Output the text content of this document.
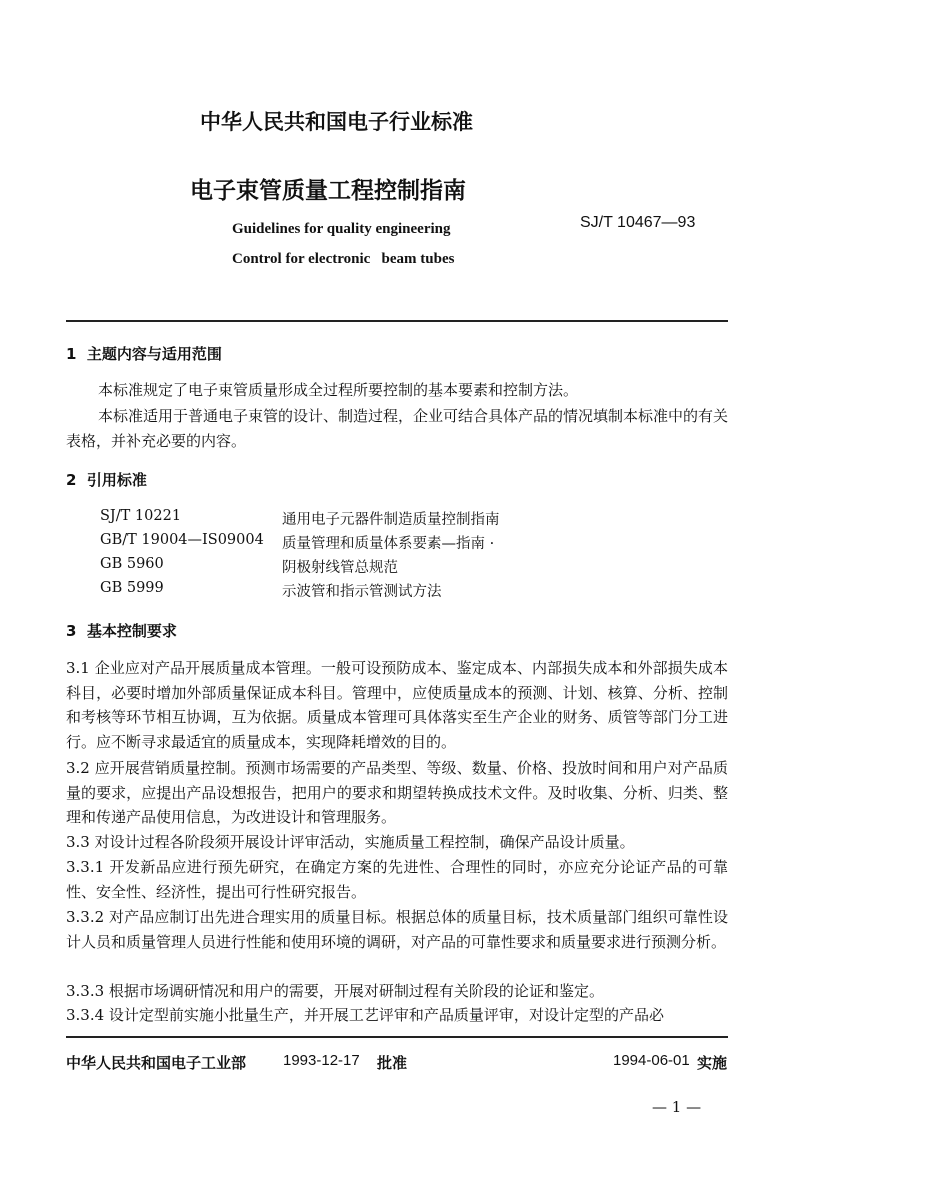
中华人民共和国电子行业标准
电子束管质量工程控制指南
Guidelines for quality engineering
Control for electronic   beam tubes
SJ/T 10467—93
1  主题内容与适用范围
本标准规定了电子束管质量形成全过程所要控制的基本要素和控制方法。
本标准适用于普通电子束管的设计、制造过程，企业可结合具体产品的情况填制本标准中的有关表格，并补充必要的内容。
2  引用标准
SJ/T 10221	通用电子元器件制造质量控制指南
GB/T 19004—IS09004 质量管理和质量体系要素—指南 ·
GB 5960	阴极射线管总规范
GB 5999	示波管和指示管测试方法
3  基本控制要求
3.1 企业应对产品开展质量成本管理。一般可设预防成本、鉴定成本、内部损失成本和外部损失成本科目，必要时增加外部质量保证成本科目。管理中，应使质量成本的预测、计划、核算、分析、控制和考核等环节相互协调，互为依据。质量成本管理可具体落实至生产企业的财务、质管等部门分工进行。应不断寻求最适宜的质量成本，实现降耗增效的目的。
3.2 应开展营销质量控制。预测市场需要的产品类型、等级、数量、价格、投放时间和用户对产品质量的要求，应提出产品设想报告，把用户的要求和期望转换成技术文件。及时收集、分析、归类、整理和传递产品使用信息，为改进设计和管理服务。
3.3 对设计过程各阶段须开展设计评审活动，实施质量工程控制，确保产品设计质量。
3.3.1 开发新品应进行预先研究，在确定方案的先进性、合理性的同时，亦应充分论证产品的可靠性、安全性、经济性，提出可行性研究报告。
3.3.2 对产品应制订出先进合理实用的质量目标。根据总体的质量目标，技术质量部门组织可靠性设计人员和质量管理人员进行性能和使用环境的调研，对产品的可靠性要求和质量要求进行预测分析。
3.3.3 根据市场调研情况和用户的需要，开展对研制过程有关阶段的论证和鉴定。
3.3.4 设计定型前实施小批量生产，并开展工艺评审和产品质量评审，对设计定型的产品必
中华人民共和国电子工业部 1993-12-17 批准	1994-06-01 实施
— 1 —
